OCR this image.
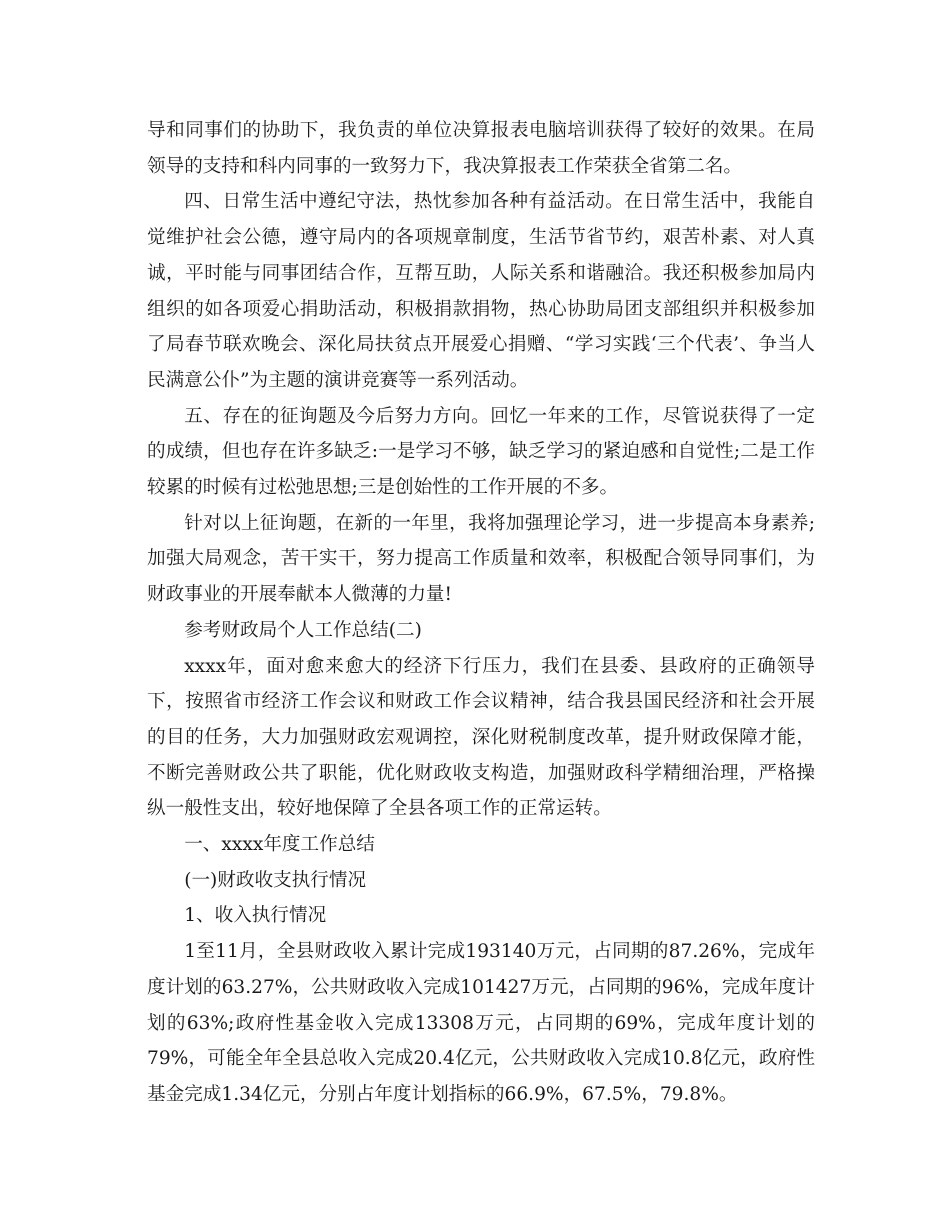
导和同事们的协助下，我负责的单位决算报表电脑培训获得了较好的效果。在局领导的支持和科内同事的一致努力下，我决算报表工作荣获全省第二名。

四、日常生活中遵纪守法，热忱参加各种有益活动。在日常生活中，我能自觉维护社会公德，遵守局内的各项规章制度，生活节省节约，艰苦朴素、对人真诚，平时能与同事团结合作，互帮互助，人际关系和谐融洽。我还积极参加局内组织的如各项爱心捐助活动，积极捐款捐物，热心协助局团支部组织并积极参加了局春节联欢晚会、深化局扶贫点开展爱心捐赠、“学习实践‘三个代表’、争当人民满意公仆”为主题的演讲竞赛等一系列活动。

五、存在的征询题及今后努力方向。回忆一年来的工作，尽管说获得了一定的成绩，但也存在许多缺乏:一是学习不够，缺乏学习的紧迫感和自觉性;二是工作较累的时候有过松弛思想;三是创始性的工作开展的不多。

针对以上征询题，在新的一年里，我将加强理论学习，进一步提高本身素养;加强大局观念，苦干实干，努力提高工作质量和效率，积极配合领导同事们，为财政事业的开展奉献本人微薄的力量!

参考财政局个人工作总结(二)

xxxx年，面对愈来愈大的经济下行压力，我们在县委、县政府的正确领导下，按照省市经济工作会议和财政工作会议精神，结合我县国民经济和社会开展的目的任务，大力加强财政宏观调控，深化财税制度改革，提升财政保障才能，不断完善财政公共了职能，优化财政收支构造，加强财政科学精细治理，严格操纵一般性支出，较好地保障了全县各项工作的正常运转。

一、xxxx年度工作总结

(一)财政收支执行情况

1、收入执行情况

1至11月，全县财政收入累计完成193140万元，占同期的87.26%，完成年度计划的63.27%，公共财政收入完成101427万元，占同期的96%，完成年度计划的63%;政府性基金收入完成13308万元，占同期的69%，完成年度计划的79%，可能全年全县总收入完成20.4亿元，公共财政收入完成10.8亿元，政府性基金完成1.34亿元，分别占年度计划指标的66.9%，67.5%，79.8%。
